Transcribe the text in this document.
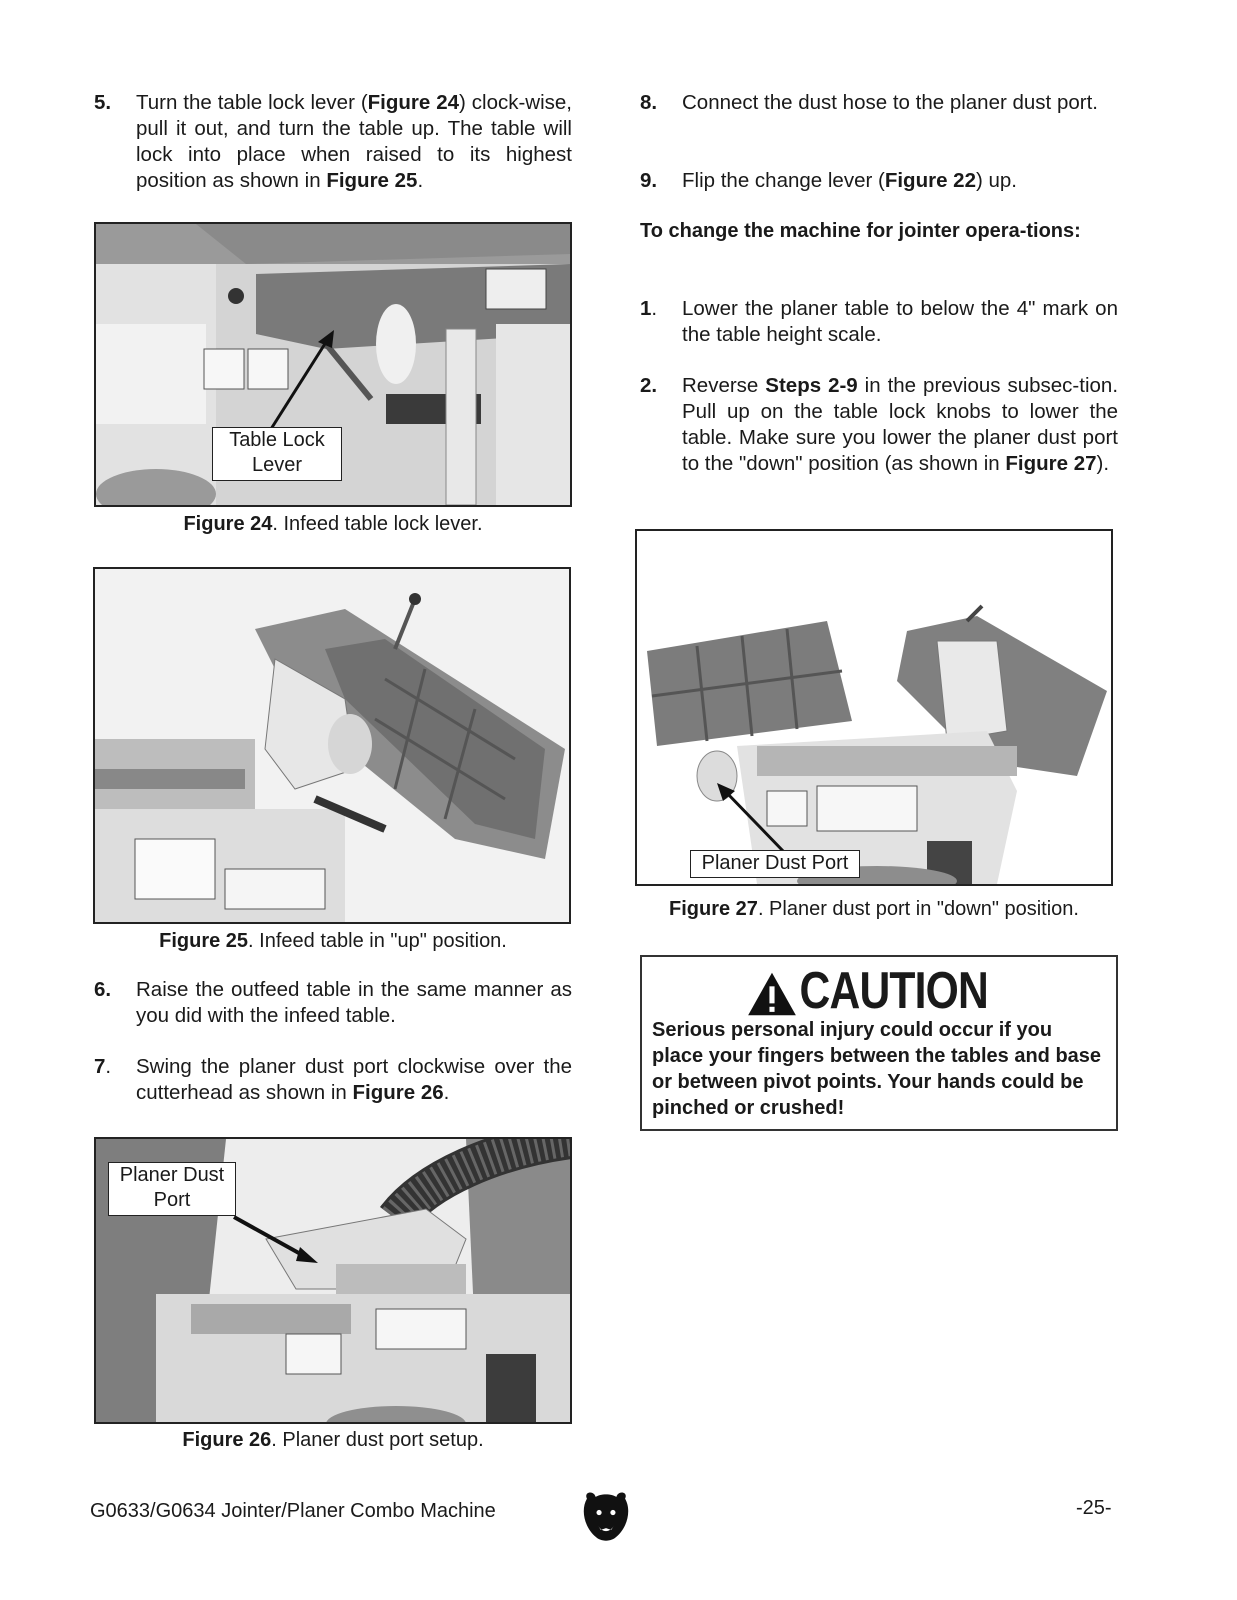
5. Turn the table lock lever (Figure 24) clock-wise, pull it out, and turn the table up. The table will lock into place when raised to its highest position as shown in Figure 25.
Table Lock
Lever
Figure 24. Infeed table lock lever.
Figure 25. Infeed table in "up" position.
6. Raise the outfeed table in the same manner as you did with the infeed table.
7. Swing the planer dust port clockwise over the cutterhead as shown in Figure 26.
Planer Dust
Port
Figure 26. Planer dust port setup.
8. Connect the dust hose to the planer dust port.
9. Flip the change lever (Figure 22) up.
To change the machine for jointer opera-tions:
1. Lower the planer table to below the 4" mark on the table height scale.
2. Reverse Steps 2-9 in the previous subsec-tion. Pull up on the table lock knobs to lower the table. Make sure you lower the planer dust port to the "down" position (as shown in Figure 27).
Planer Dust Port
Figure 27. Planer dust port in "down" position.
CAUTION
Serious personal injury could occur if you place your fingers between the tables and base or between pivot points. Your hands could be pinched or crushed!
G0633/G0634 Jointer/Planer Combo Machine	-25-
